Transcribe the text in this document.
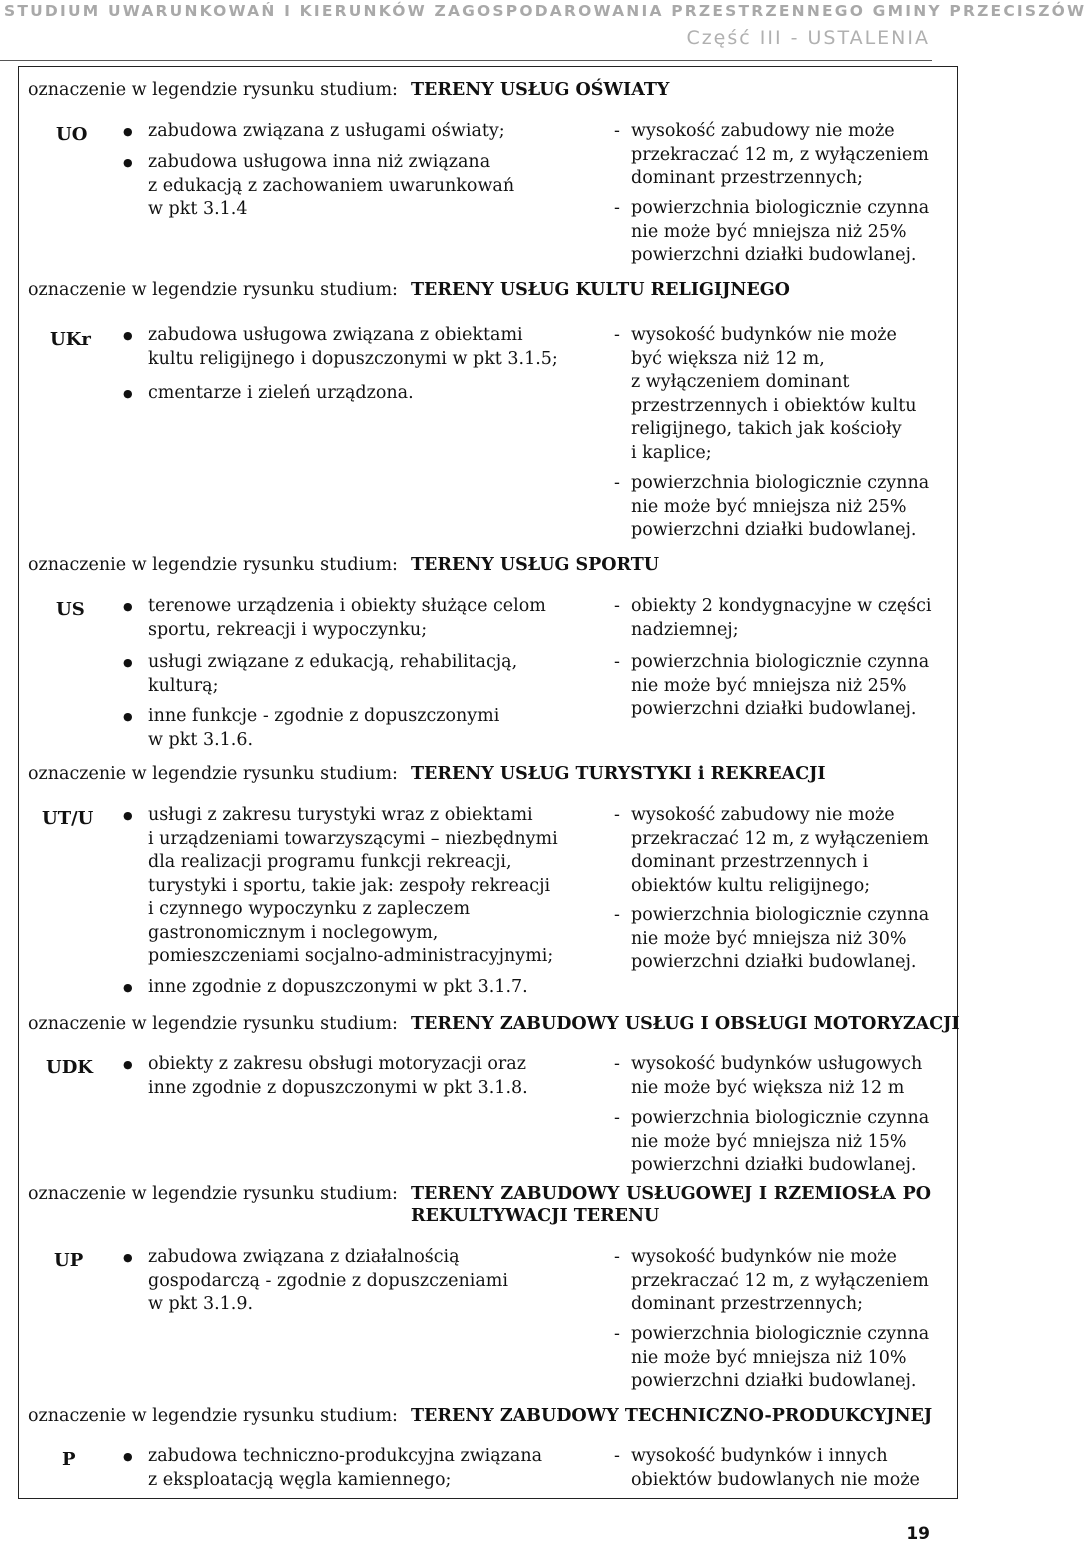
STUDIUM UWARUNKOWAŃ I KIERUNKÓW ZAGOSPODAROWANIA PRZESTRZENNEGO GMINY PRZECISZÓW
Część III - USTALENIA
oznaczenie w legendzie rysunku studium: TERENY USŁUG OŚWIATY
UO	● zabudowa związana z usługami oświaty;
● zabudowa usługowa inna niż związana
z edukacją z zachowaniem uwarunkowań
w pkt 3.1.4
- wysokość zabudowy nie może
przekraczać 12 m, z wyłączeniem
dominant przestrzennych;
- powierzchnia biologicznie czynna
nie może być mniejsza niż 25%
powierzchni działki budowlanej.
oznaczenie w legendzie rysunku studium: TERENY USŁUG KULTU RELIGIJNEGO
UKr	● zabudowa usługowa związana z obiektami
kultu religijnego i dopuszczonymi w pkt 3.1.5;
● cmentarze i zieleń urządzona.
- wysokość budynków nie może
być większa niż 12 m,
z wyłączeniem dominant
przestrzennych i obiektów kultu
religijnego, takich jak kościoły
i kaplice;
- powierzchnia biologicznie czynna
nie może być mniejsza niż 25%
powierzchni działki budowlanej.
oznaczenie w legendzie rysunku studium: TERENY USŁUG SPORTU
US	● terenowe urządzenia i obiekty służące celom
sportu, rekreacji i wypoczynku;
● usługi związane z edukacją, rehabilitacją,
kulturą;
● inne funkcje - zgodnie z dopuszczonymi
w pkt 3.1.6.
- obiekty 2 kondygnacyjne w części
nadziemnej;
- powierzchnia biologicznie czynna
nie może być mniejsza niż 25%
powierzchni działki budowlanej.
oznaczenie w legendzie rysunku studium: TERENY USŁUG TURYSTYKI i REKREACJI
UT/U	● usługi z zakresu turystyki wraz z obiektami
i urządzeniami towarzyszącymi – niezbędnymi
dla realizacji programu funkcji rekreacji,
turystyki i sportu, takie jak: zespoły rekreacji
i czynnego wypoczynku z zapleczem
gastronomicznym i noclegowym,
pomieszczeniami socjalno-administracyjnymi;
● inne zgodnie z dopuszczonymi w pkt 3.1.7.
- wysokość zabudowy nie może
przekraczać 12 m, z wyłączeniem
dominant przestrzennych i
obiektów kultu religijnego;
- powierzchnia biologicznie czynna
nie może być mniejsza niż 30%
powierzchni działki budowlanej.
oznaczenie w legendzie rysunku studium: TERENY ZABUDOWY USŁUG I OBSŁUGI MOTORYZACJI
UDK	● obiekty z zakresu obsługi motoryzacji oraz
inne zgodnie z dopuszczonymi w pkt 3.1.8.
- wysokość budynków usługowych
nie może być większa niż 12 m
- powierzchnia biologicznie czynna
nie może być mniejsza niż 15%
powierzchni działki budowlanej.
oznaczenie w legendzie rysunku studium: TERENY ZABUDOWY USŁUGOWEJ I RZEMIOSŁA PO
REKULTYWACJI TERENU
UP	● zabudowa związana z działalnością
gospodarczą - zgodnie z dopuszczeniami
w pkt 3.1.9.
- wysokość budynków nie może
przekraczać 12 m, z wyłączeniem
dominant przestrzennych;
- powierzchnia biologicznie czynna
nie może być mniejsza niż 10%
powierzchni działki budowlanej.
oznaczenie w legendzie rysunku studium: TERENY ZABUDOWY TECHNICZNO-PRODUKCYJNEJ
P	● zabudowa techniczno-produkcyjna związana
z eksploatacją węgla kamiennego;
- wysokość budynków i innych
obiektów budowlanych nie może
19
